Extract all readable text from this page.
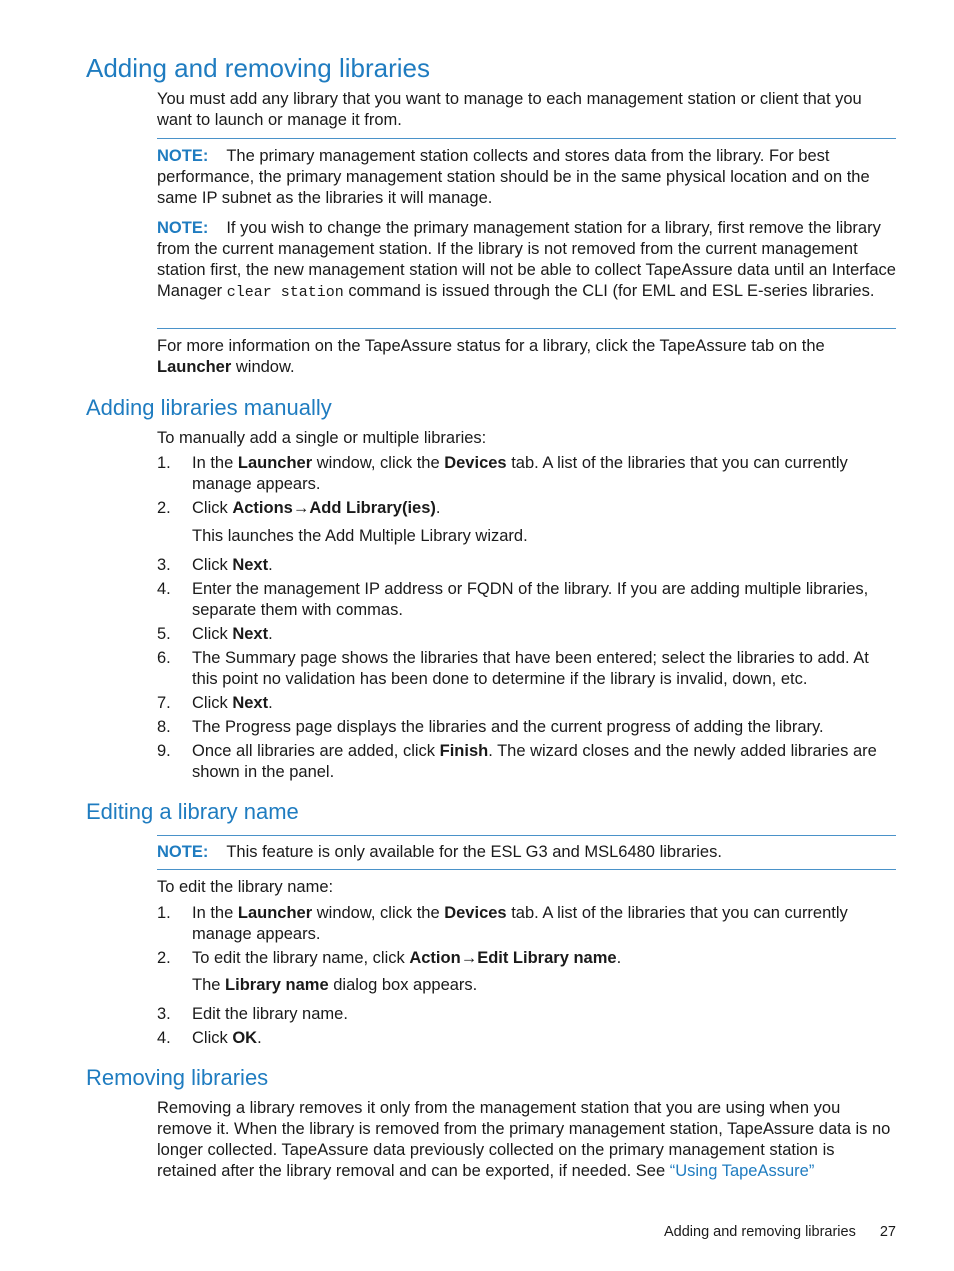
Adding and removing libraries

You must add any library that you want to manage to each management station or client that you want to launch or manage it from.

NOTE: The primary management station collects and stores data from the library. For best performance, the primary management station should be in the same physical location and on the same IP subnet as the libraries it will manage.

NOTE: If you wish to change the primary management station for a library, first remove the library from the current management station. If the library is not removed from the current management station first, the new management station will not be able to collect TapeAssure data until an Interface Manager clear station command is issued through the CLI (for EML and ESL E-series libraries.

For more information on the TapeAssure status for a library, click the TapeAssure tab on the Launcher window.

Adding libraries manually

To manually add a single or multiple libraries:

1. In the Launcher window, click the Devices tab. A list of the libraries that you can currently manage appears.
2. Click Actions→Add Library(ies).
This launches the Add Multiple Library wizard.
3. Click Next.
4. Enter the management IP address or FQDN of the library. If you are adding multiple libraries, separate them with commas.
5. Click Next.
6. The Summary page shows the libraries that have been entered; select the libraries to add. At this point no validation has been done to determine if the library is invalid, down, etc.
7. Click Next.
8. The Progress page displays the libraries and the current progress of adding the library.
9. Once all libraries are added, click Finish. The wizard closes and the newly added libraries are shown in the panel.
Editing a library name

NOTE: This feature is only available for the ESL G3 and MSL6480 libraries.

To edit the library name:

1. In the Launcher window, click the Devices tab. A list of the libraries that you can currently manage appears.
2. To edit the library name, click Action→Edit Library name.
The Library name dialog box appears.
3. Edit the library name.
4. Click OK.
Removing libraries

Removing a library removes it only from the management station that you are using when you remove it. When the library is removed from the primary management station, TapeAssure data is no longer collected. TapeAssure data previously collected on the primary management station is retained after the library removal and can be exported, if needed. See “Using TapeAssure”

Adding and removing libraries 27
